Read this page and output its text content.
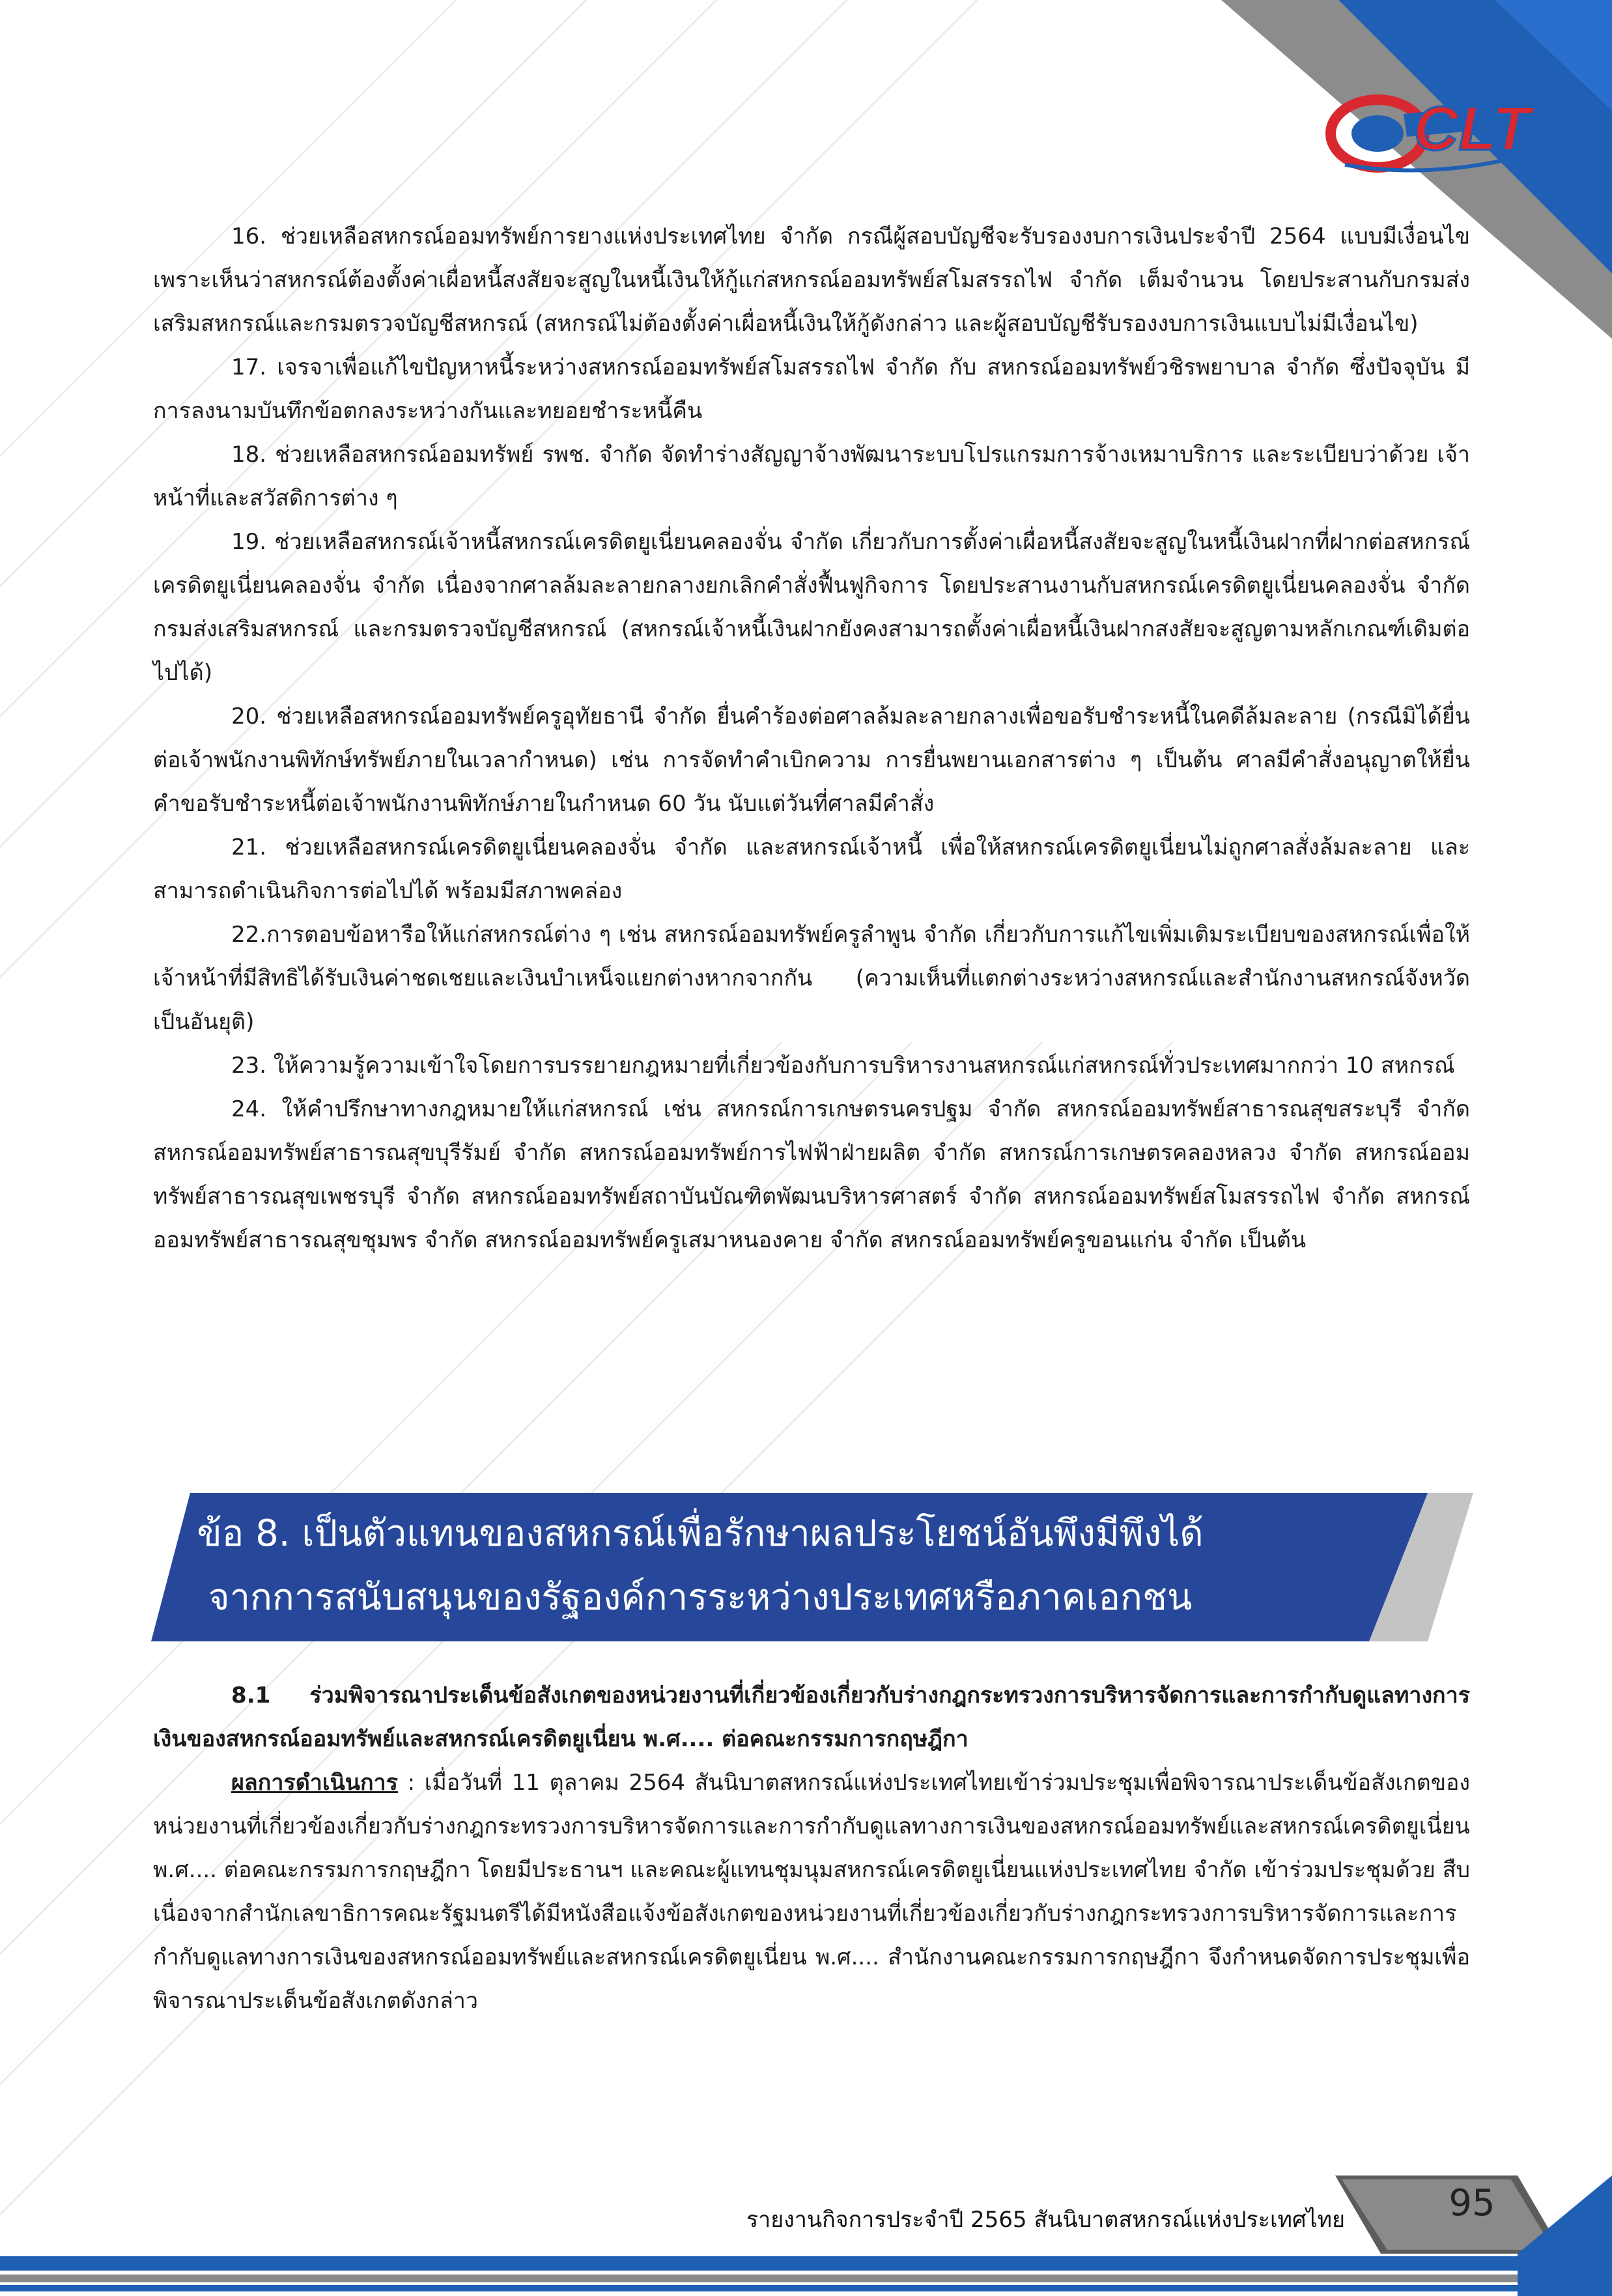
CLT

16. ช่วยเหลือสหกรณ์ออมทรัพย์การยางแห่งประเทศไทย จำกัด กรณีผู้สอบบัญชีจะรับรองงบการเงินประจำปี 2564 แบบมีเงื่อนไขเพราะเห็นว่าสหกรณ์ต้องตั้งค่าเผื่อหนี้สงสัยจะสูญในหนี้เงินให้กู้แก่สหกรณ์ออมทรัพย์สโมสรรถไฟ จำกัด เต็มจำนวน โดยประสานกับกรมส่งเสริมสหกรณ์และกรมตรวจบัญชีสหกรณ์ (สหกรณ์ไม่ต้องตั้งค่าเผื่อหนี้เงินให้กู้ดังกล่าว และผู้สอบบัญชีรับรองงบการเงินแบบไม่มีเงื่อนไข)

17. เจรจาเพื่อแก้ไขปัญหาหนี้ระหว่างสหกรณ์ออมทรัพย์สโมสรรถไฟ จำกัด กับ สหกรณ์ออมทรัพย์วชิรพยาบาล จำกัด ซึ่งปัจจุบัน มีการลงนามบันทึกข้อตกลงระหว่างกันและทยอยชำระหนี้คืน

18. ช่วยเหลือสหกรณ์ออมทรัพย์ รพช. จำกัด จัดทำร่างสัญญาจ้างพัฒนาระบบโปรแกรมการจ้างเหมาบริการ และระเบียบว่าด้วย เจ้าหน้าที่และสวัสดิการต่าง ๆ

19. ช่วยเหลือสหกรณ์เจ้าหนี้สหกรณ์เครดิตยูเนี่ยนคลองจั่น จำกัด เกี่ยวกับการตั้งค่าเผื่อหนี้สงสัยจะสูญในหนี้เงินฝากที่ฝากต่อสหกรณ์เครดิตยูเนี่ยนคลองจั่น จำกัด เนื่องจากศาลล้มละลายกลางยกเลิกคำสั่งฟื้นฟูกิจการ โดยประสานงานกับสหกรณ์เครดิตยูเนี่ยนคลองจั่น จำกัด กรมส่งเสริมสหกรณ์ และกรมตรวจบัญชีสหกรณ์ (สหกรณ์เจ้าหนี้เงินฝากยังคงสามารถตั้งค่าเผื่อหนี้เงินฝากสงสัยจะสูญตามหลักเกณฑ์เดิมต่อไปได้)

20. ช่วยเหลือสหกรณ์ออมทรัพย์ครูอุทัยธานี จำกัด ยื่นคำร้องต่อศาลล้มละลายกลางเพื่อขอรับชำระหนี้ในคดีล้มละลาย (กรณีมิได้ยื่นต่อเจ้าพนักงานพิทักษ์ทรัพย์ภายในเวลากำหนด) เช่น การจัดทำคำเบิกความ การยื่นพยานเอกสารต่าง ๆ เป็นต้น ศาลมีคำสั่งอนุญาตให้ยื่นคำขอรับชำระหนี้ต่อเจ้าพนักงานพิทักษ์ภายในกำหนด 60 วัน นับแต่วันที่ศาลมีคำสั่ง

21. ช่วยเหลือสหกรณ์เครดิตยูเนี่ยนคลองจั่น จำกัด และสหกรณ์เจ้าหนี้ เพื่อให้สหกรณ์เครดิตยูเนี่ยนไม่ถูกศาลสั่งล้มละลาย และสามารถดำเนินกิจการต่อไปได้ พร้อมมีสภาพคล่อง

22.การตอบข้อหารือให้แก่สหกรณ์ต่าง ๆ เช่น สหกรณ์ออมทรัพย์ครูลำพูน จำกัด เกี่ยวกับการแก้ไขเพิ่มเติมระเบียบของสหกรณ์เพื่อให้เจ้าหน้าที่มีสิทธิได้รับเงินค่าชดเชยและเงินบำเหน็จแยกต่างหากจากกัน (ความเห็นที่แตกต่างระหว่างสหกรณ์และสำนักงานสหกรณ์จังหวัดเป็นอันยุติ)

23. ให้ความรู้ความเข้าใจโดยการบรรยายกฎหมายที่เกี่ยวข้องกับการบริหารงานสหกรณ์แก่สหกรณ์ทั่วประเทศมากกว่า 10 สหกรณ์

24. ให้คำปรึกษาทางกฎหมายให้แก่สหกรณ์ เช่น สหกรณ์การเกษตรนครปฐม จำกัด สหกรณ์ออมทรัพย์สาธารณสุขสระบุรี จำกัด สหกรณ์ออมทรัพย์สาธารณสุขบุรีรัมย์ จำกัด สหกรณ์ออมทรัพย์การไฟฟ้าฝ่ายผลิต จำกัด สหกรณ์การเกษตรคลองหลวง จำกัด สหกรณ์ออมทรัพย์สาธารณสุขเพชรบุรี จำกัด สหกรณ์ออมทรัพย์สถาบันบัณฑิตพัฒนบริหารศาสตร์ จำกัด สหกรณ์ออมทรัพย์สโมสรรถไฟ จำกัด สหกรณ์ออมทรัพย์สาธารณสุขชุมพร จำกัด สหกรณ์ออมทรัพย์ครูเสมาหนองคาย จำกัด สหกรณ์ออมทรัพย์ครูขอนแก่น จำกัด เป็นต้น

ข้อ 8. เป็นตัวแทนของสหกรณ์เพื่อรักษาผลประโยชน์อันพึงมีพึงได้
จากการสนับสนุนของรัฐองค์การระหว่างประเทศหรือภาคเอกชน

8.1 ร่วมพิจารณาประเด็นข้อสังเกตของหน่วยงานที่เกี่ยวข้องเกี่ยวกับร่างกฎกระทรวงการบริหารจัดการและการกำกับดูแลทางการเงินของสหกรณ์ออมทรัพย์และสหกรณ์เครดิตยูเนี่ยน พ.ศ.... ต่อคณะกรรมการกฤษฎีกา

ผลการดำเนินการ : เมื่อวันที่ 11 ตุลาคม 2564 สันนิบาตสหกรณ์แห่งประเทศไทยเข้าร่วมประชุมเพื่อพิจารณาประเด็นข้อสังเกตของหน่วยงานที่เกี่ยวข้องเกี่ยวกับร่างกฎกระทรวงการบริหารจัดการและการกำกับดูแลทางการเงินของสหกรณ์ออมทรัพย์และสหกรณ์เครดิตยูเนี่ยน พ.ศ.... ต่อคณะกรรมการกฤษฎีกา โดยมีประธานฯ และคณะผู้แทนชุมนุมสหกรณ์เครดิตยูเนี่ยนแห่งประเทศไทย จำกัด เข้าร่วมประชุมด้วย สืบเนื่องจากสำนักเลขาธิการคณะรัฐมนตรีได้มีหนังสือแจ้งข้อสังเกตของหน่วยงานที่เกี่ยวข้องเกี่ยวกับร่างกฎกระทรวงการบริหารจัดการและการกำกับดูแลทางการเงินของสหกรณ์ออมทรัพย์และสหกรณ์เครดิตยูเนี่ยน พ.ศ.... สำนักงานคณะกรรมการกฤษฎีกา จึงกำหนดจัดการประชุมเพื่อพิจารณาประเด็นข้อสังเกตดังกล่าว

รายงานกิจการประจำปี 2565 สันนิบาตสหกรณ์แห่งประเทศไทย	95
